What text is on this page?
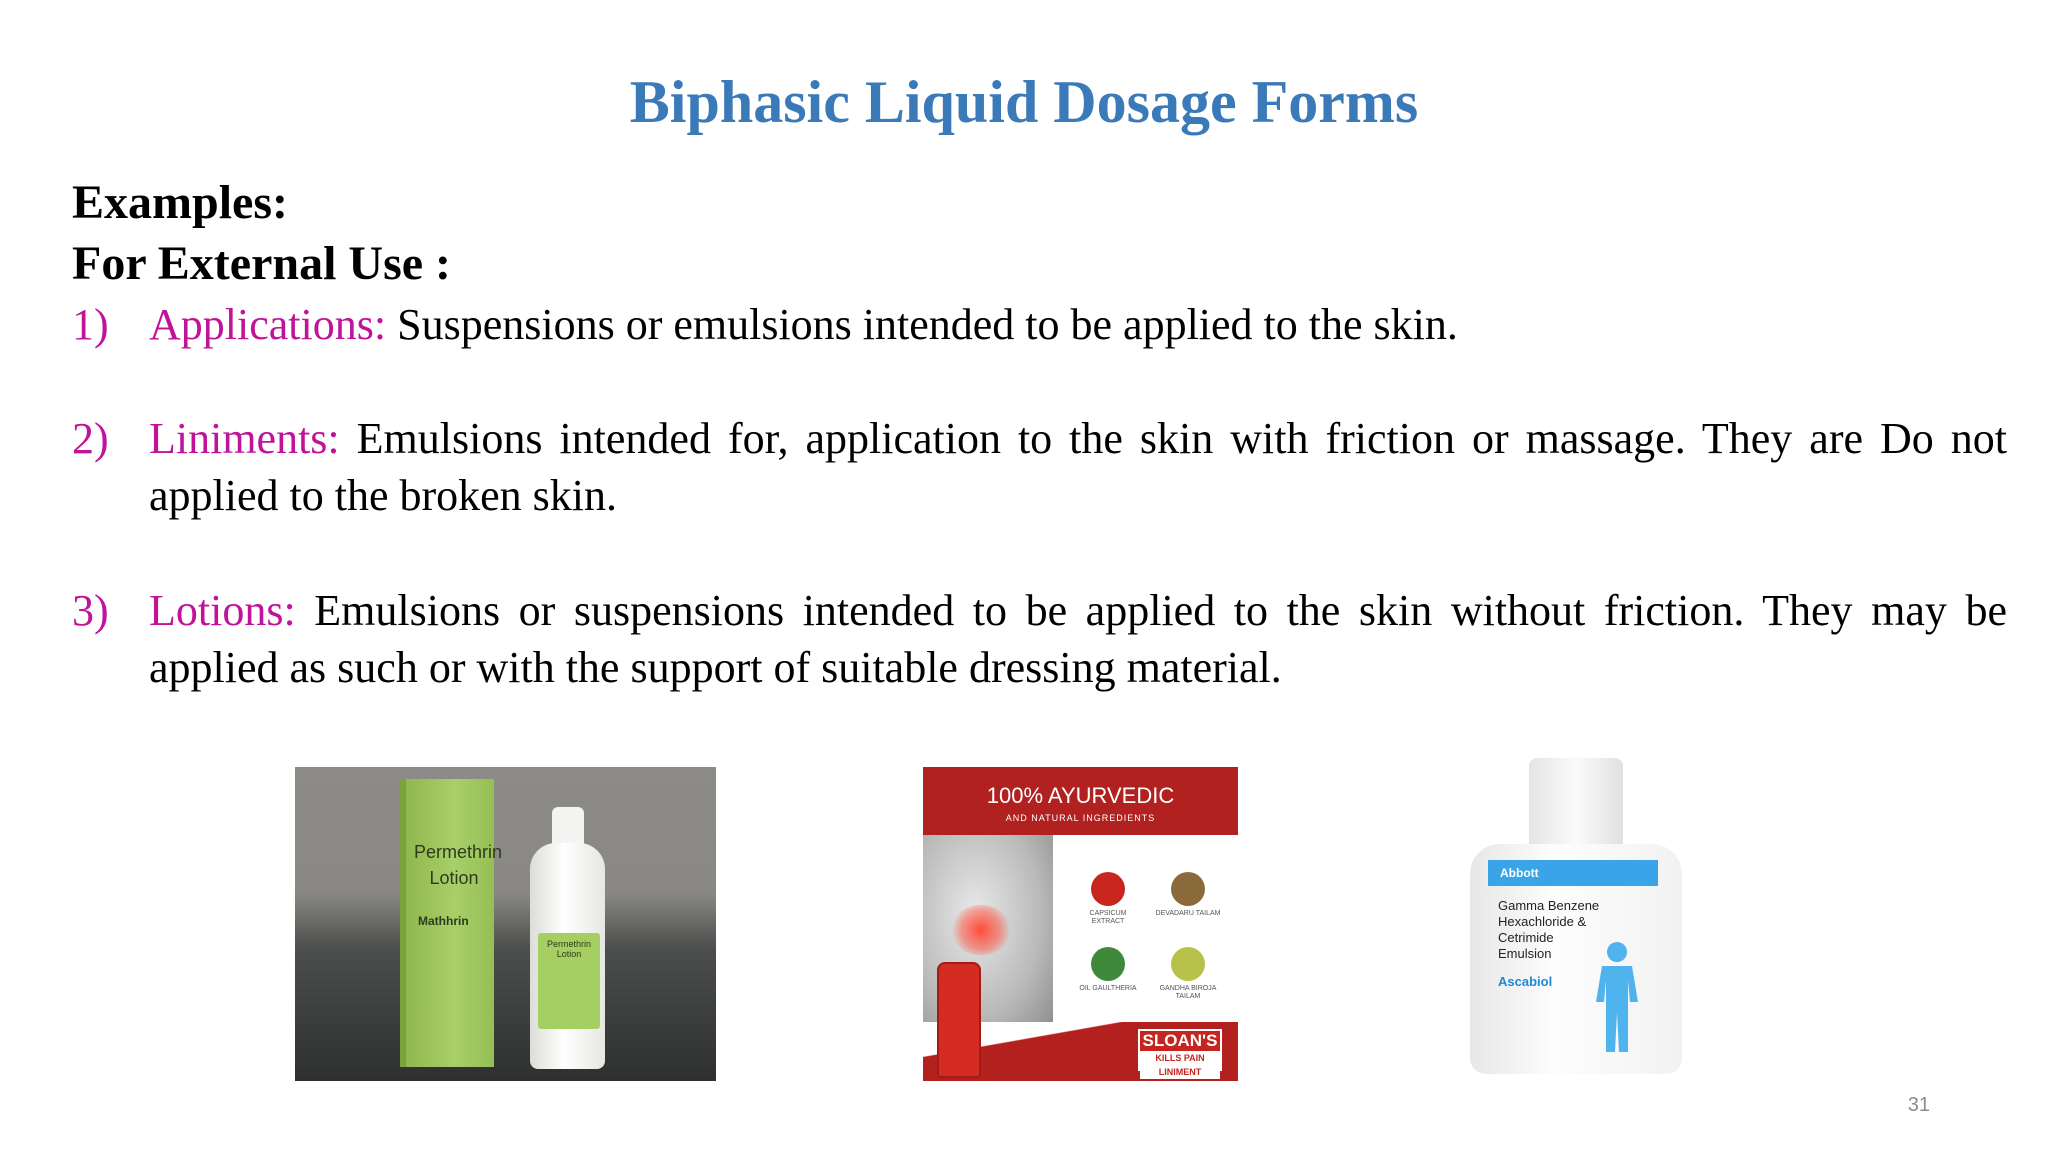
Biphasic Liquid Dosage Forms
Examples:
For External Use :
1) Applications: Suspensions or emulsions intended to be applied to the skin.
2) Liniments: Emulsions intended for, application to the skin with friction or massage. They are Do not applied to the broken skin.
3) Lotions: Emulsions or suspensions intended to be applied to the skin without friction. They may be applied as such or with the support of suitable dressing material.
Permethrin Lotion
Mathhrin
Permethrin Lotion
100% AYURVEDIC
AND NATURAL INGREDIENTS
CAPSICUM EXTRACT
DEVADARU TAILAM
OIL GAULTHERIA	GANDHA BIROJA TAILAM
SLOAN'S
KILLS PAIN LINIMENT
Abbott
Gamma Benzene Hexachloride & Cetrimide Emulsion
Ascabiol
31
